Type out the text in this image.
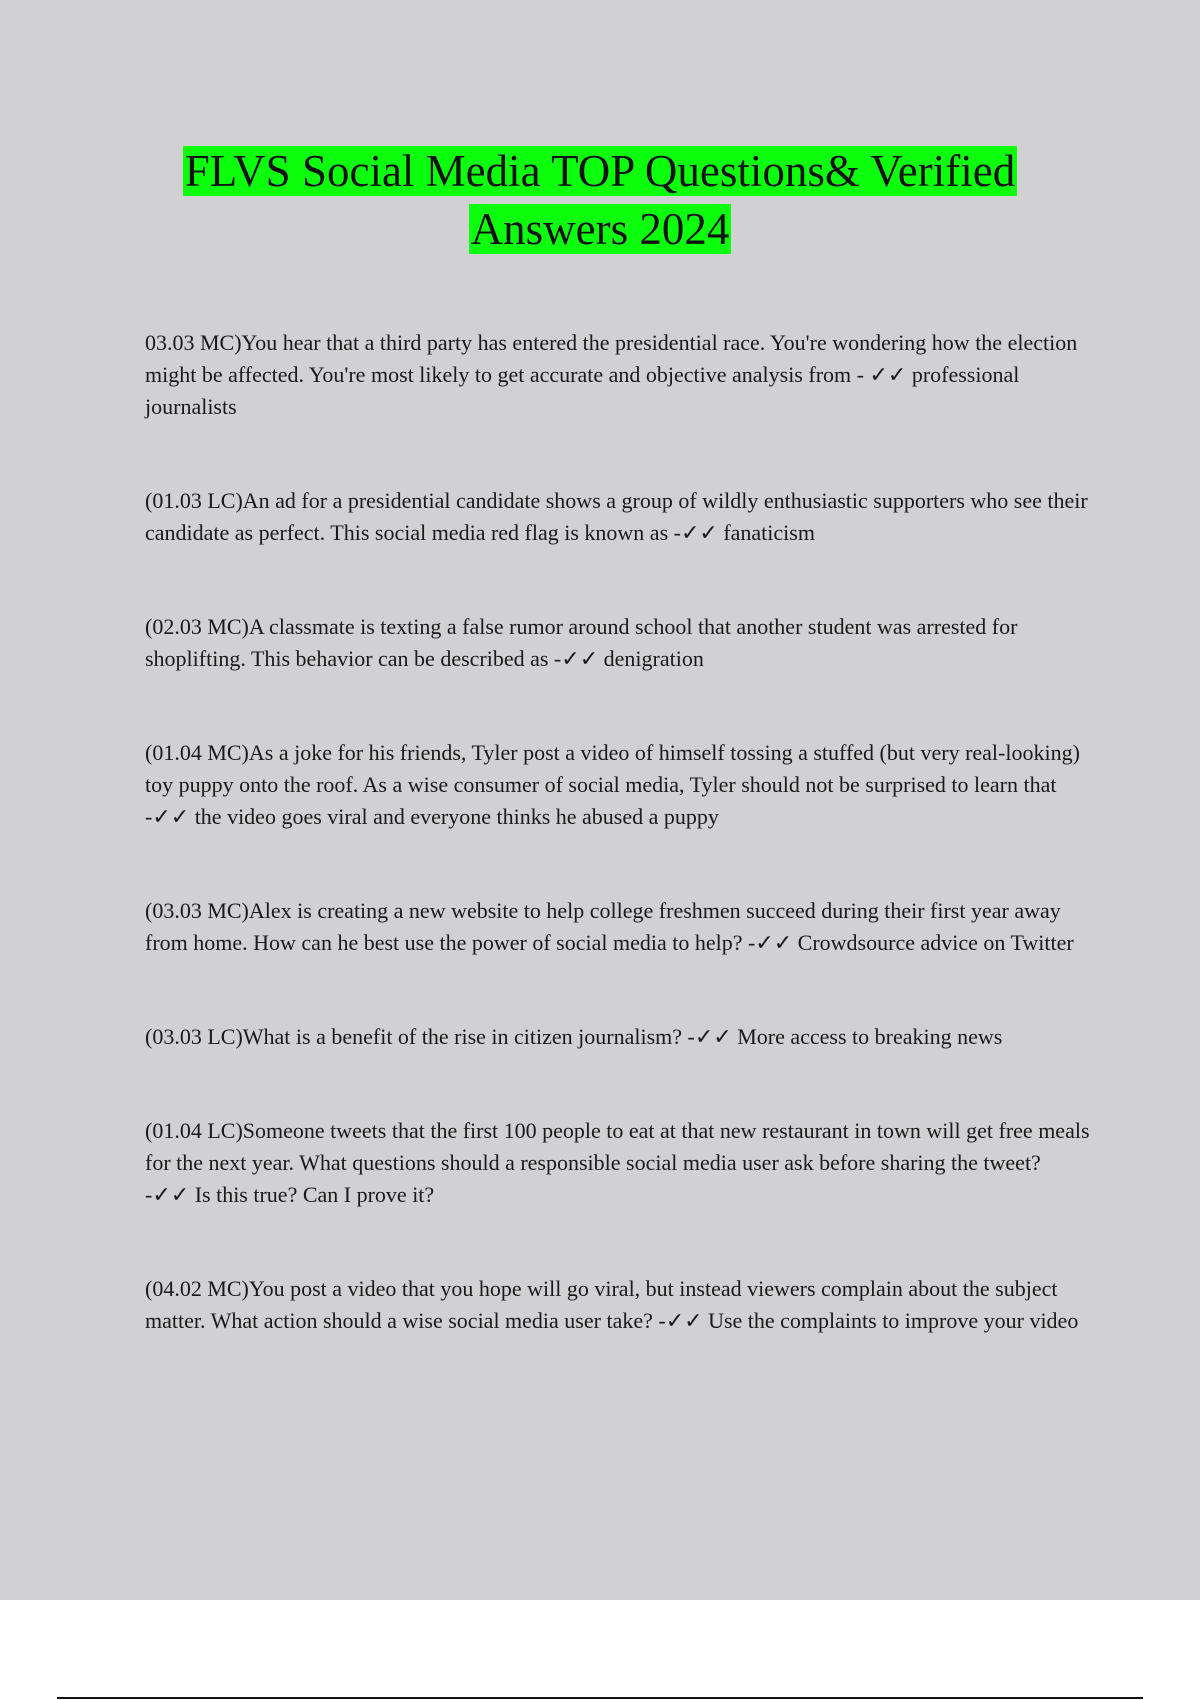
FLVS Social Media TOP Questions& Verified
Answers 2024

03.03 MC)You hear that a third party has entered the presidential race. You're wondering how the election might be affected. You're most likely to get accurate and objective analysis from - ✓✓ professional journalists

(01.03 LC)An ad for a presidential candidate shows a group of wildly enthusiastic supporters who see their candidate as perfect. This social media red flag is known as -✓✓ fanaticism

(02.03 MC)A classmate is texting a false rumor around school that another student was arrested for shoplifting. This behavior can be described as -✓✓ denigration

(01.04 MC)As a joke for his friends, Tyler post a video of himself tossing a stuffed (but very real-looking) toy puppy onto the roof. As a wise consumer of social media, Tyler should not be surprised to learn that -✓✓ the video goes viral and everyone thinks he abused a puppy

(03.03 MC)Alex is creating a new website to help college freshmen succeed during their first year away from home. How can he best use the power of social media to help? -✓✓ Crowdsource advice on Twitter

(03.03 LC)What is a benefit of the rise in citizen journalism? -✓✓ More access to breaking news

(01.04 LC)Someone tweets that the first 100 people to eat at that new restaurant in town will get free meals for the next year. What questions should a responsible social media user ask before sharing the tweet? -✓✓ Is this true? Can I prove it?

(04.02 MC)You post a video that you hope will go viral, but instead viewers complain about the subject matter. What action should a wise social media user take? -✓✓ Use the complaints to improve your video
